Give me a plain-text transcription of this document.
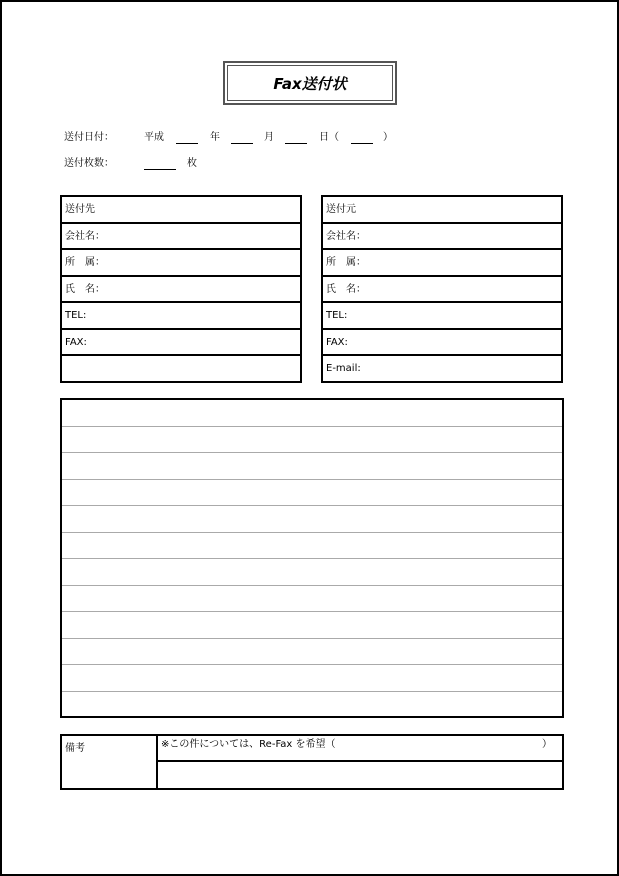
Fax送付状
送付日付：	平成	年	月	日（	）
送付枚数：	枚
送付先
会社名：
所　属：
氏　名：
TEL:
FAX:
送付元
会社名：
所　属：
氏　名：
TEL:
FAX:
E-mail:
備考	※この件については、Re-Fax を希望（	）
